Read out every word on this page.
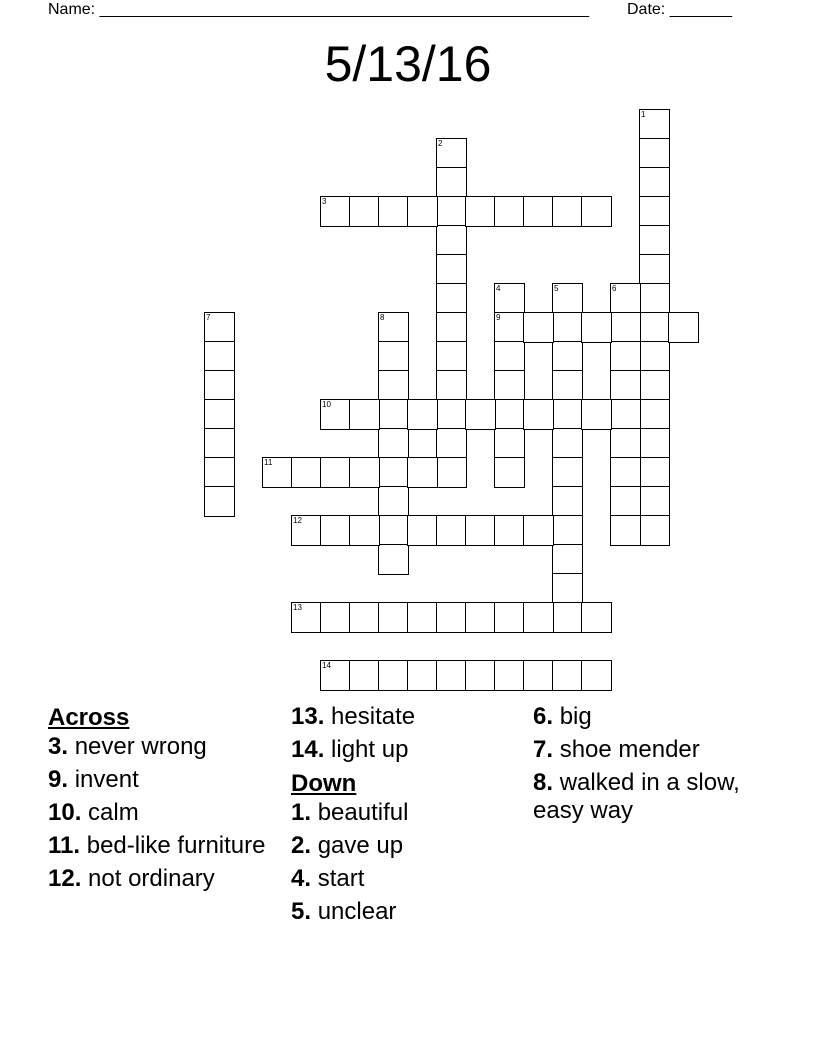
Name: _______________________________________________________ Date: _______
5/13/16
1
2
3
4
9
5	6
7	8
10
11
12
13
14
Across
3. never wrong
9. invent
10. calm
11. bed-like furniture
12. not ordinary
13. hesitate
14. light up
Down
1. beautiful
2. gave up
4. start
5. unclear
6. big
7. shoe mender
8. walked in a slow, easy way
